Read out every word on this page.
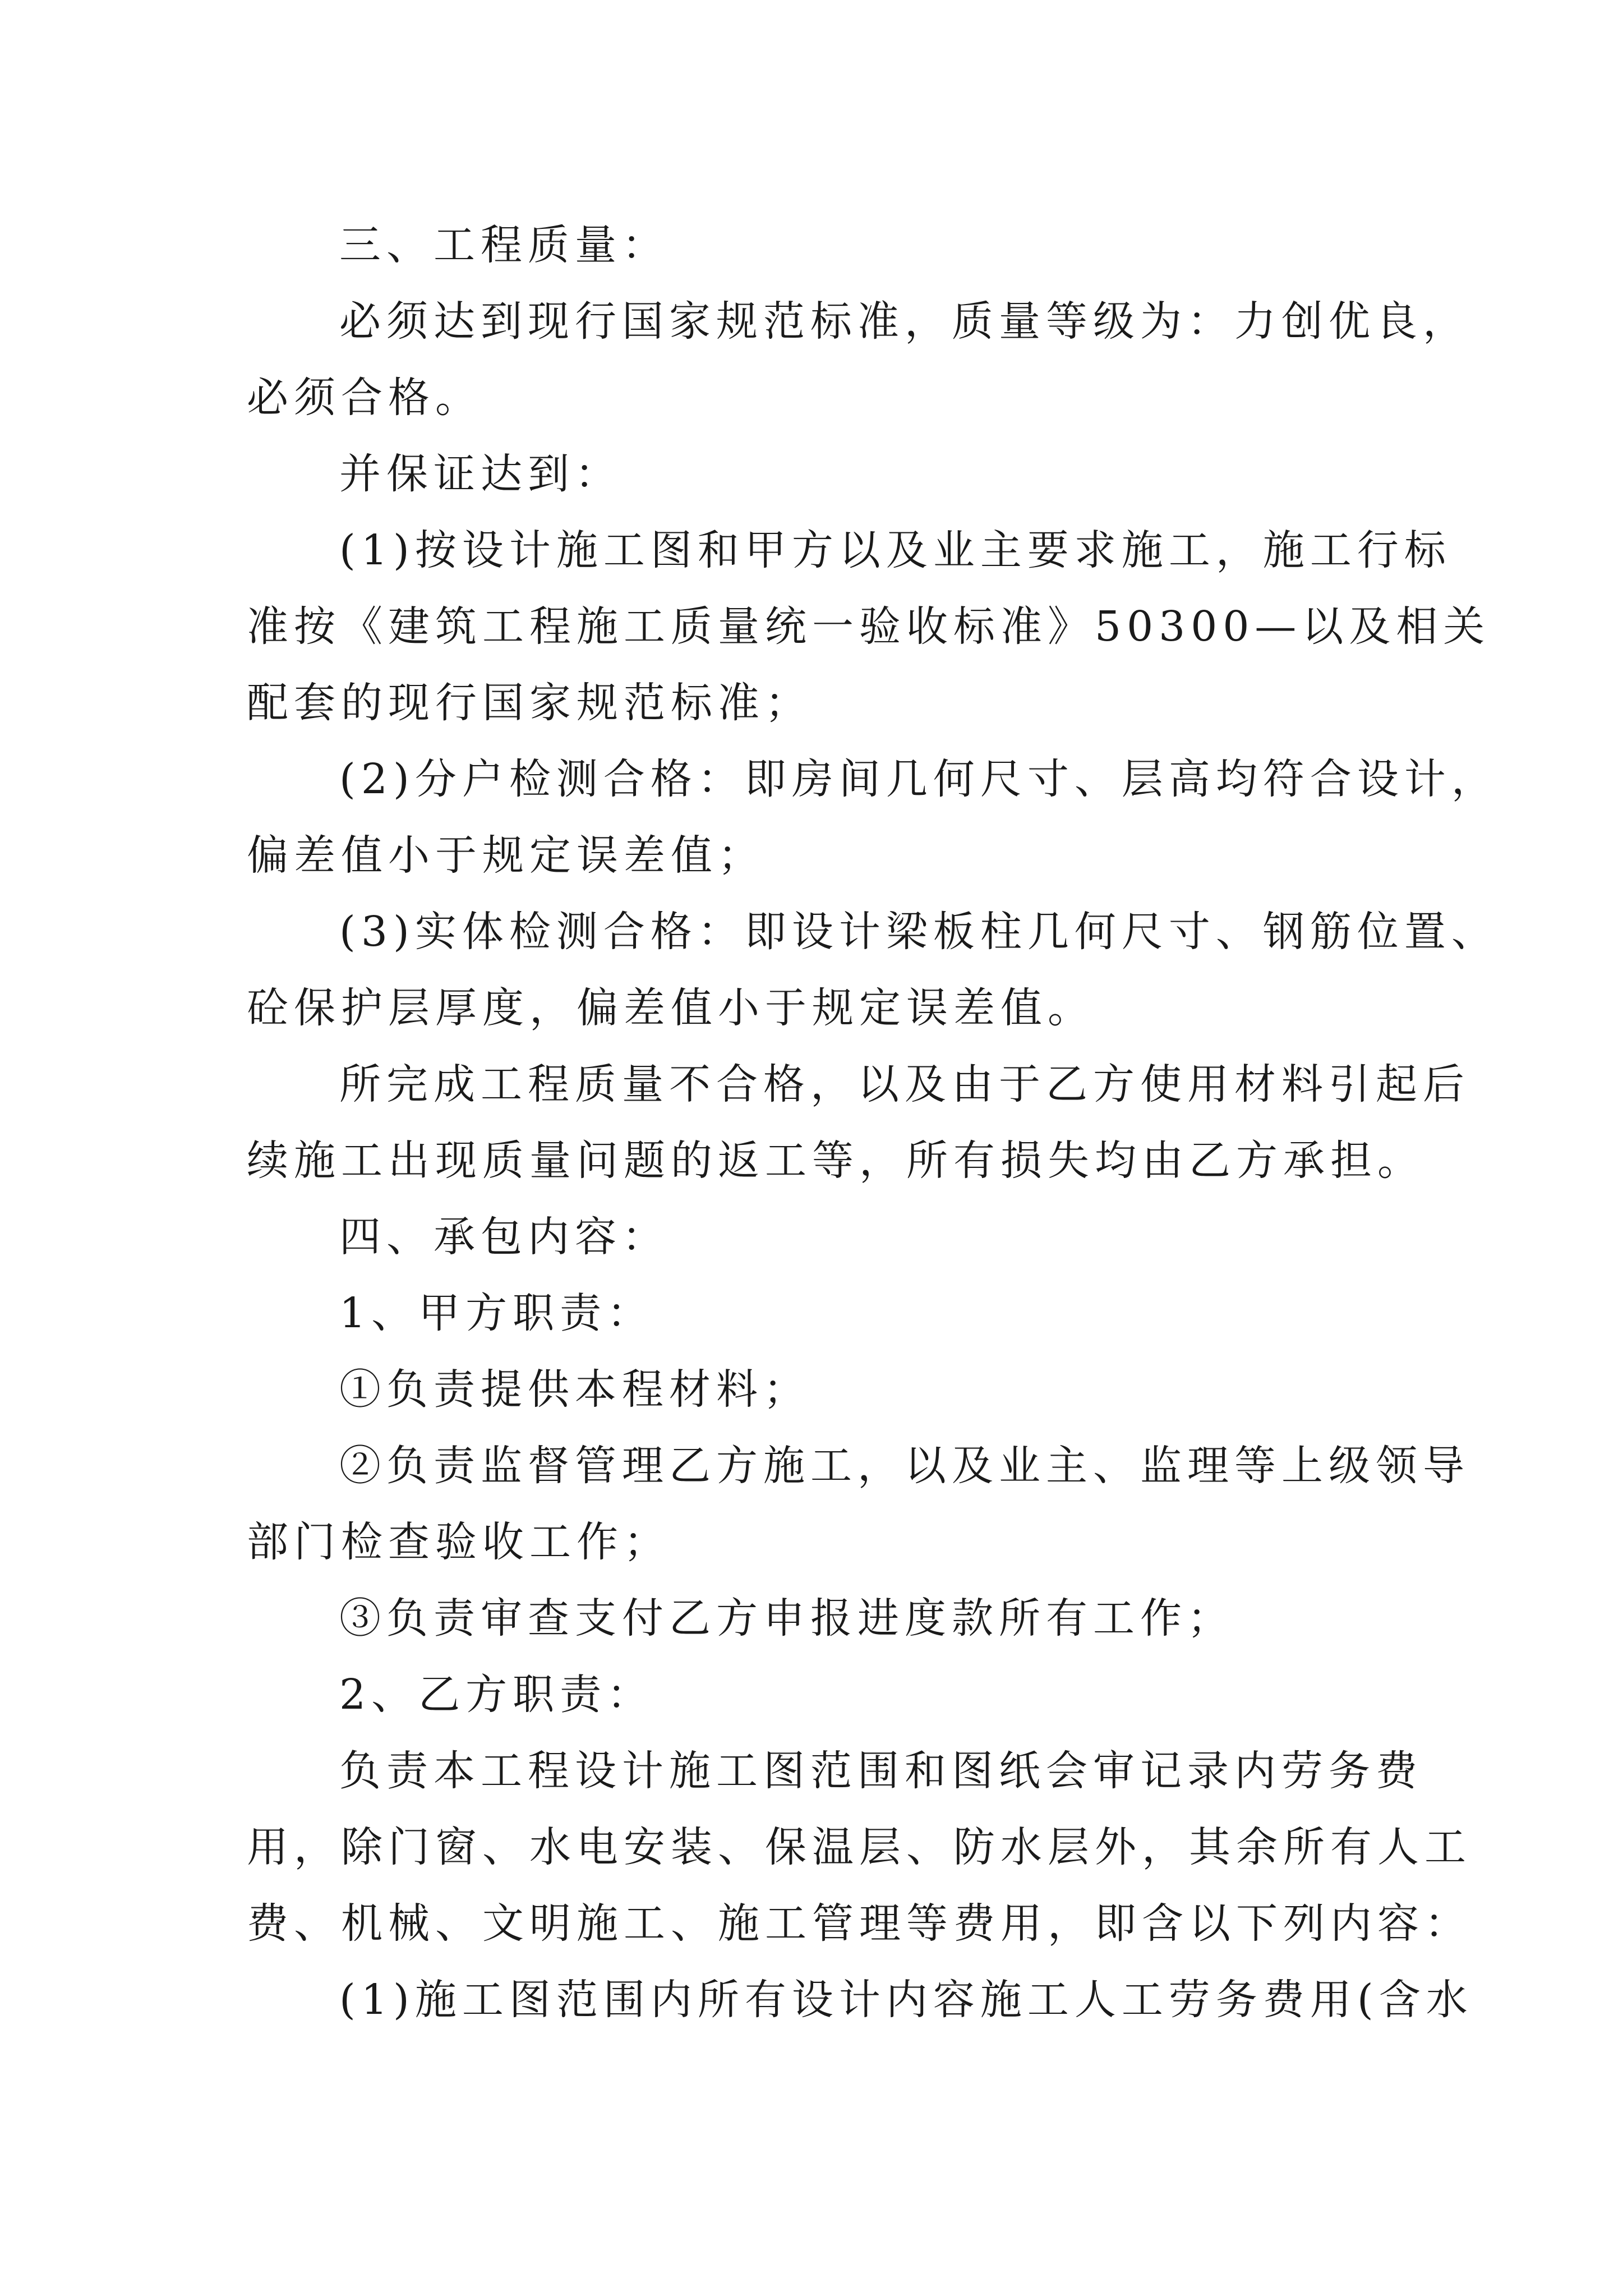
三、工程质量：
必须达到现行国家规范标准，质量等级为：力创优良，
必须合格。
并保证达到：
(1)按设计施工图和甲方以及业主要求施工，施工行标
准按《建筑工程施工质量统一验收标准》50300—以及相关
配套的现行国家规范标准；
(2)分户检测合格：即房间几何尺寸、层高均符合设计，
偏差值小于规定误差值；
(3)实体检测合格：即设计梁板柱几何尺寸、钢筋位置、
砼保护层厚度，偏差值小于规定误差值。
所完成工程质量不合格，以及由于乙方使用材料引起后
续施工出现质量问题的返工等，所有损失均由乙方承担。
四、承包内容：
1、甲方职责：
①负责提供本程材料；
②负责监督管理乙方施工，以及业主、监理等上级领导
部门检查验收工作；
③负责审查支付乙方申报进度款所有工作；
2、乙方职责：
负责本工程设计施工图范围和图纸会审记录内劳务费
用，除门窗、水电安装、保温层、防水层外，其余所有人工
费、机械、文明施工、施工管理等费用，即含以下列内容：
(1)施工图范围内所有设计内容施工人工劳务费用(含水
